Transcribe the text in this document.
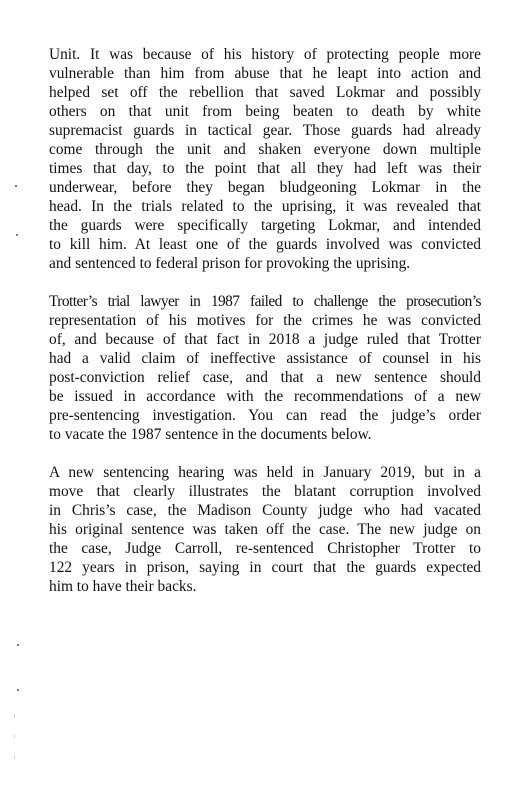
Unit. It was because of his history of protecting people more
vulnerable than him from abuse that he leapt into action and
helped set off the rebellion that saved Lokmar and possibly
others on that unit from being beaten to death by white
supremacist guards in tactical gear. Those guards had already
come through the unit and shaken everyone down multiple
times that day, to the point that all they had left was their
underwear, before they began bludgeoning Lokmar in the
head. In the trials related to the uprising, it was revealed that
the guards were specifically targeting Lokmar, and intended
to kill him. At least one of the guards involved was convicted
and sentenced to federal prison for provoking the uprising.

Trotter’s trial lawyer in 1987 failed to challenge the prosecution’s
representation of his motives for the crimes he was convicted
of, and because of that fact in 2018 a judge ruled that Trotter
had a valid claim of ineffective assistance of counsel in his
post-conviction relief case, and that a new sentence should
be issued in accordance with the recommendations of a new
pre-sentencing investigation. You can read the judge’s order
to vacate the 1987 sentence in the documents below.

A new sentencing hearing was held in January 2019, but in a
move that clearly illustrates the blatant corruption involved
in Chris’s case, the Madison County judge who had vacated
his original sentence was taken off the case. The new judge on
the case, Judge Carroll, re-sentenced Christopher Trotter to
122 years in prison, saying in court that the guards expected
him to have their backs.
